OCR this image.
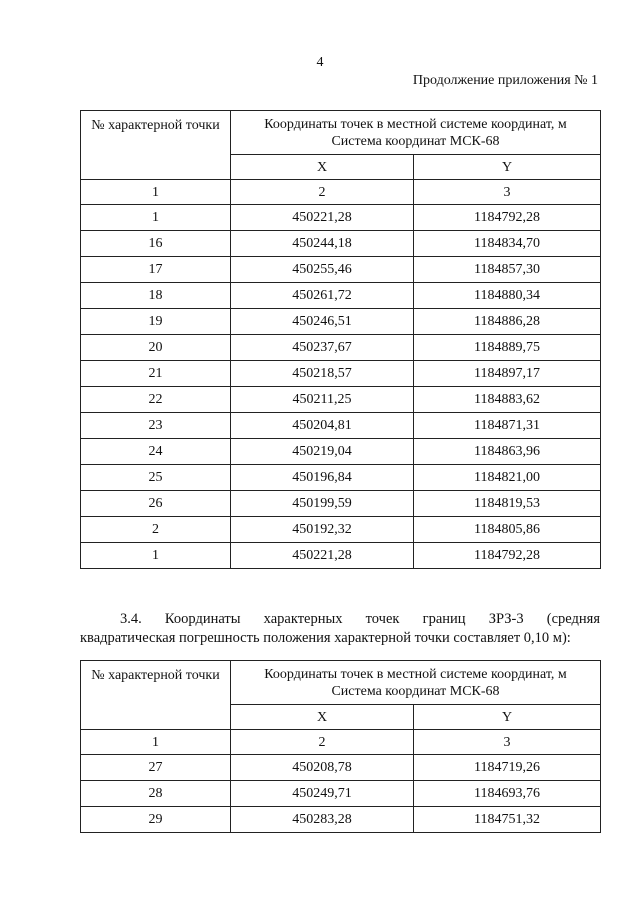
4
Продолжение приложения № 1
№ характерной точки	Координаты точек в местной системе координат, м
Система координат МСК-68	

	X	Y
1	2	3
1	450221,28	1184792,28
16	450244,18	1184834,70
17	450255,46	1184857,30
18	450261,72	1184880,34
19	450246,51	1184886,28
20	450237,67	1184889,75
21	450218,57	1184897,17
22	450211,25	1184883,62
23	450204,81	1184871,31
24	450219,04	1184863,96
25	450196,84	1184821,00
26	450199,59	1184819,53
2	450192,32	1184805,86
1	450221,28	1184792,28
3.4. Координаты характерных точек границ ЗРЗ-3 (средняя
квадратическая погрешность положения характерной точки составляет 0,10 м):
№ характерной точки	Координаты точек в местной системе координат, м
Система координат МСК-68	

	X	Y
1	2	3
27	450208,78	1184719,26
28	450249,71	1184693,76
29	450283,28	1184751,32
